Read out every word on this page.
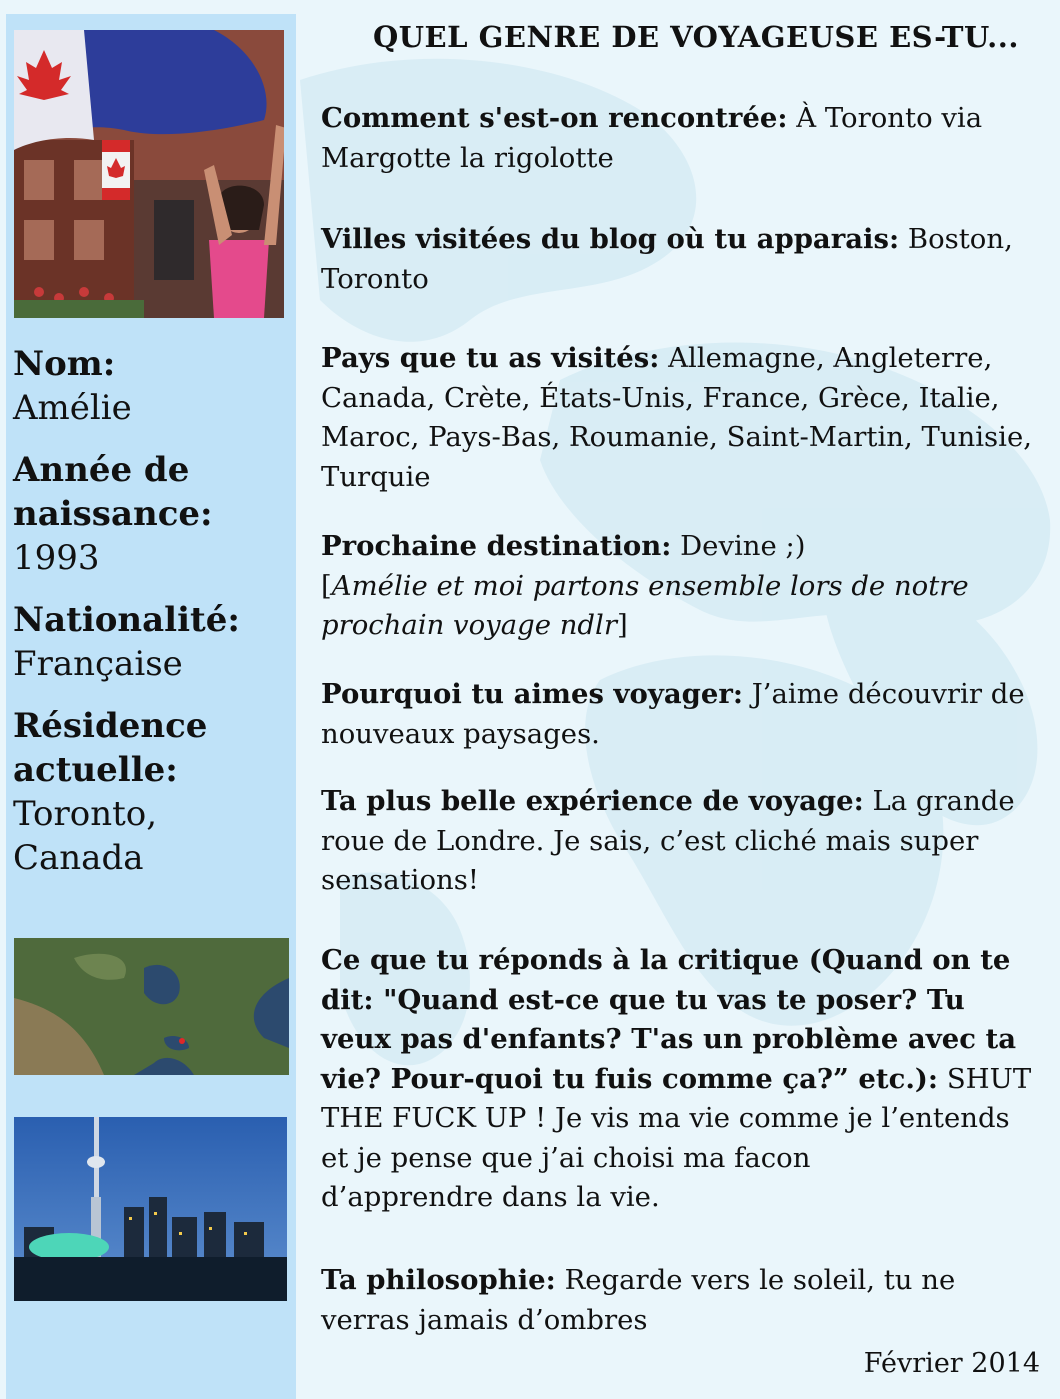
Nom:
Amélie
Année de naissance:
1993
Nationalité:
Française
Résidence actuelle:
Toronto, Canada
QUEL GENRE DE VOYAGEUSE ES-TU...
Comment s'est-on rencontrée: À Toronto via Margotte la rigolotte
Villes visitées du blog où tu apparais: Boston, Toronto
Pays que tu as visités: Allemagne, Angleterre, Canada, Crète, États-Unis, France, Grèce, Italie, Maroc, Pays-Bas, Roumanie, Saint-Martin, Tunisie, Turquie
Prochaine destination: Devine ;)
[Amélie et moi partons ensemble lors de notre prochain voyage ndlr]
Pourquoi tu aimes voyager: J’aime découvrir de nouveaux paysages.
Ta plus belle expérience de voyage: La grande roue de Londre. Je sais, c’est cliché mais super sensations!
Ce que tu réponds à la critique (Quand on te dit: "Quand est-ce que tu vas te poser? Tu veux pas d'enfants? T'as un problème avec ta vie? Pour-quoi tu fuis comme ça?” etc.): SHUT THE FUCK UP ! Je vis ma vie comme je l’entends et je pense que j’ai choisi ma facon
d’apprendre dans la vie.
Ta philosophie: Regarde vers le soleil, tu ne verras jamais d’ombres
Février 2014
